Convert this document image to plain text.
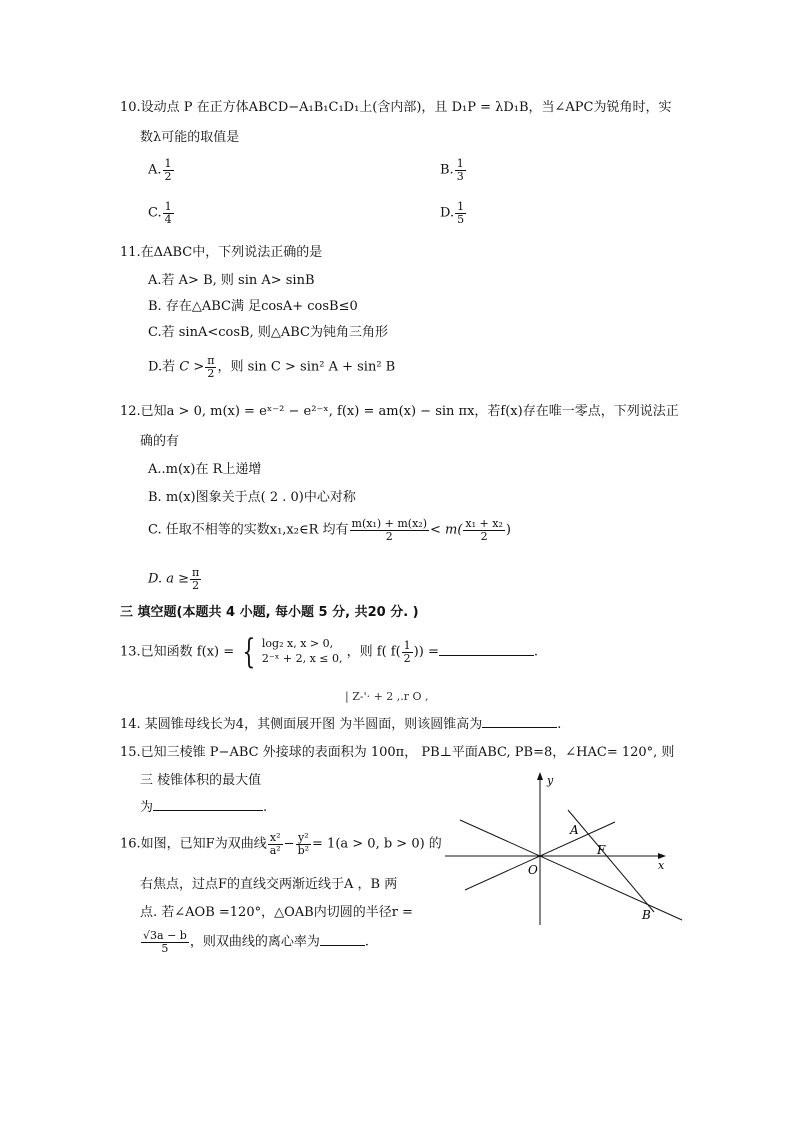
10.设动点 P 在正方体ABCD−A₁B₁C₁D₁上(含内部)，且 D₁P = λD₁B，当∠APC为锐角时，实
数λ可能的取值是
A. $\frac{1}{2}$	B. $\frac{1}{3}$
C. $\frac{1}{4}$	D. $\frac{1}{5}$
11.在ΔABC中，下列说法正确的是
A.若 A> B, 则 sin A> sinB
B. 存在△ABC满 足cosA+ cosB≤0
C.若 sinA<cosB, 则△ABC为钝角三角形
D.若 $C > \frac{\pi}{2}$ ，则 sin C > sin² A + sin² B
12.已知a > 0, m(x) = eˣ⁻² − e²⁻ˣ, f(x) = am(x) − sin πx，若f(x)存在唯一零点，下列说法正
确的有
A..m(x)在 R上递增
B. m(x)图象关于点( 2 . 0)中心对称
C. 任取不相等的实数x₁,x₂∈R 均有 $\frac{\text{m(x₁) + m(x₂)}}{2} < m( \frac{\text{x₁ + x₂}}{2}$ )
D. $a \ge \frac{\pi}{2}$
三 填空题(本题共 4 小题, 每小题 5 分, 共20 分. )
13.已知函数 f(x) = { log₂ x, x > 0,
2⁻ˣ + 2, x ≤ 0, ，则 f( $f( \frac{1}{2}$ )) =	.
| Z-'· + 2 ,.r O ,
14. 某圆锥母线长为4，其侧面展开图 为半圆面，则该圆锥高为	.
15.已知三棱锥 P−ABC 外接球的表面积为 100π， PB⊥平面ABC, PB=8，∠HAC= 120°, 则
三 棱锥体积的最大值
为	.
16.如图，已知F为双曲线 $\frac{\text{x²}}{\text{a²}} - \frac{\text{y²}}{\text{b²}} = 1(a > 0$, b > 0) 的
右焦点，过点F的直线交两渐近线于A ，B 两
点. 若∠AOB =120°，△OAB内切圆的半径r =
$\frac{√3a - b}{5}$ ，则双曲线的离心率为	.
y
x
O
A
F
B
